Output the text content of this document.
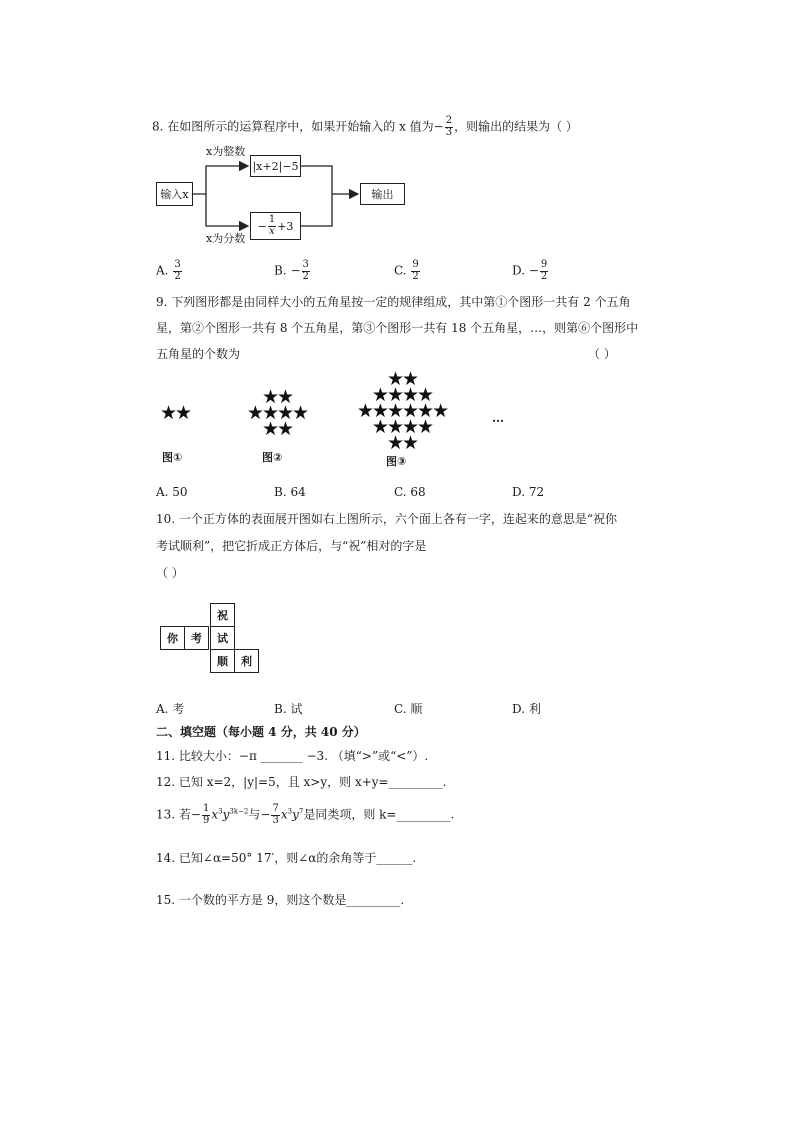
8. 在如图所示的运算程序中，如果开始输入的 x 值为− $\frac{2}{3}$ ，则输出的结果为（ ）
输入x
x为整数
|x+2|−5
− $\frac{1}{x} +3$
x为分数
输出
A. $\frac{3}{2}$	B. − $\frac{3}{2}$	C. $\frac{9}{2}$	D. − $\frac{9}{2}$
9. 下列图形都是由同样大小的五角星按一定的规律组成，其中第①个图形一共有 2 个五角
星，第②个图形一共有 8 个五角星，第③个图形一共有 18 个五角星，…，则第⑥个图形中
五角星的个数为	（ ）
★★
★★
★★★★
★★
★★
★★★★
★★★★★★
★★★★
★★
…
图①	图②	图③
A. 50	B. 64	C. 68	D. 72
10. 一个正方体的表面展开图如右上图所示，六个面上各有一字，连起来的意思是“祝你
考试顺利”，把它折成正方体后，与“祝”相对的字是
（ ）
祝
你	考	试
顺	利
A. 考	B. 试	C. 顺	D. 利
二、填空题（每小题 4 分，共 40 分）
11. 比较大小：−π _______ −3. （填“>”或“<”）.
12. 已知 x=2，|y|=5，且 x>y，则 x+y=_________.
13. 若− $\frac{1}{9} x^3y^{3k-2}$与− $\frac{7}{3} x^3y^7$是同类项，则 k=_________.
14. 已知∠α=50° 17′，则∠α的余角等于______.
15. 一个数的平方是 9，则这个数是_________.
